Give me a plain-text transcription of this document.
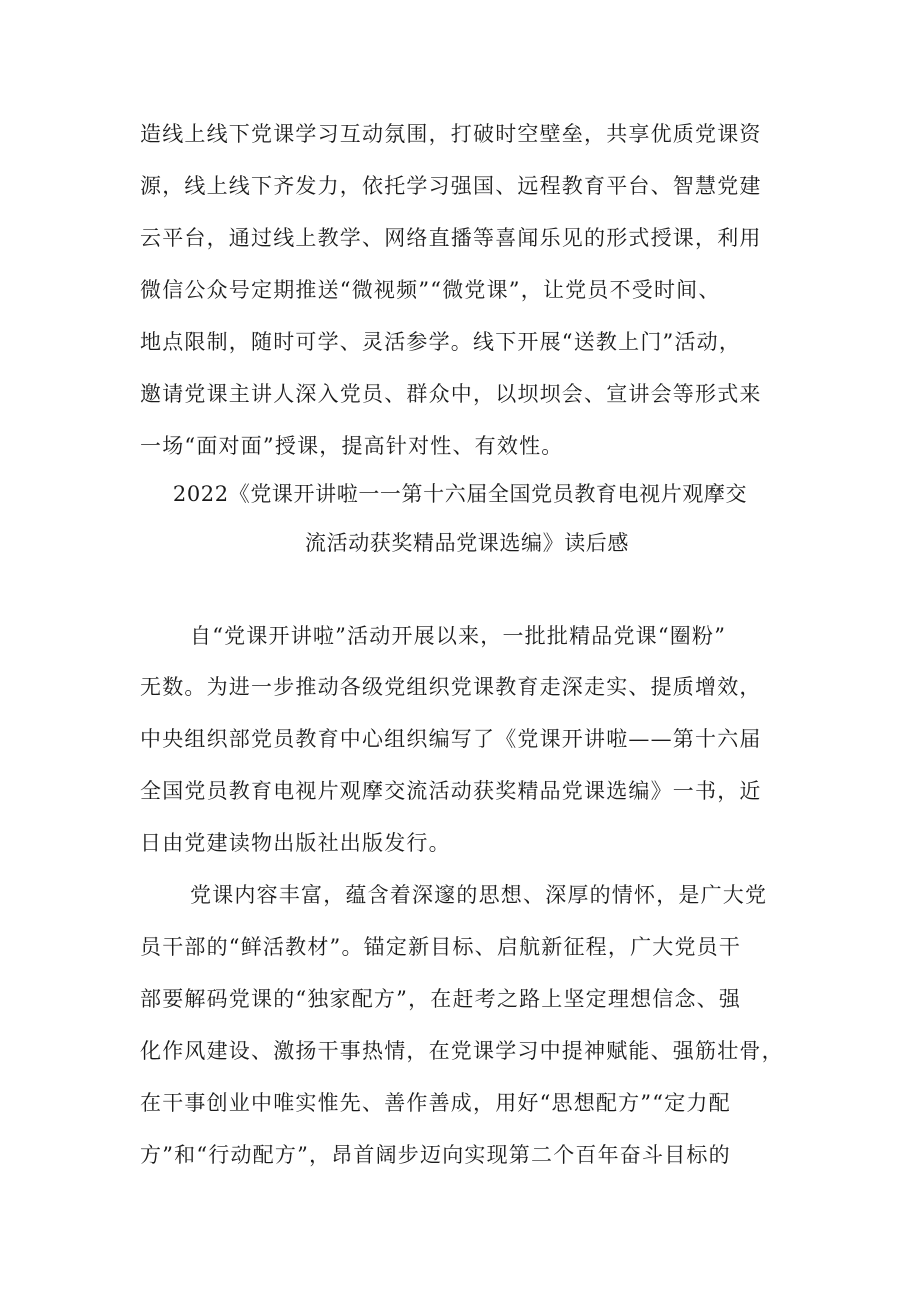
造线上线下党课学习互动氛围，打破时空壁垒，共享优质党课资
源，线上线下齐发力，依托学习强国、远程教育平台、智慧党建
云平台，通过线上教学、网络直播等喜闻乐见的形式授课，利用
微信公众号定期推送“微视频”“微党课”，让党员不受时间、
地点限制，随时可学、灵活参学。线下开展“送教上门”活动，
邀请党课主讲人深入党员、群众中，以坝坝会、宣讲会等形式来
一场“面对面”授课，提高针对性、有效性。
2022《党课开讲啦一一第十六届全国党员教育电视片观摩交
流活动获奖精品党课选编》读后感
自“党课开讲啦”活动开展以来，一批批精品党课“圈粉”
无数。为进一步推动各级党组织党课教育走深走实、提质增效，
中央组织部党员教育中心组织编写了《党课开讲啦——第十六届
全国党员教育电视片观摩交流活动获奖精品党课选编》一书，近
日由党建读物出版社出版发行。
党课内容丰富，蕴含着深邃的思想、深厚的情怀，是广大党
员干部的“鲜活教材”。锚定新目标、启航新征程，广大党员干
部要解码党课的“独家配方”，在赶考之路上坚定理想信念、强
化作风建设、激扬干事热情，在党课学习中提神赋能、强筋壮骨，
在干事创业中唯实惟先、善作善成，用好“思想配方”“定力配
方”和“行动配方”，昂首阔步迈向实现第二个百年奋斗目标的
